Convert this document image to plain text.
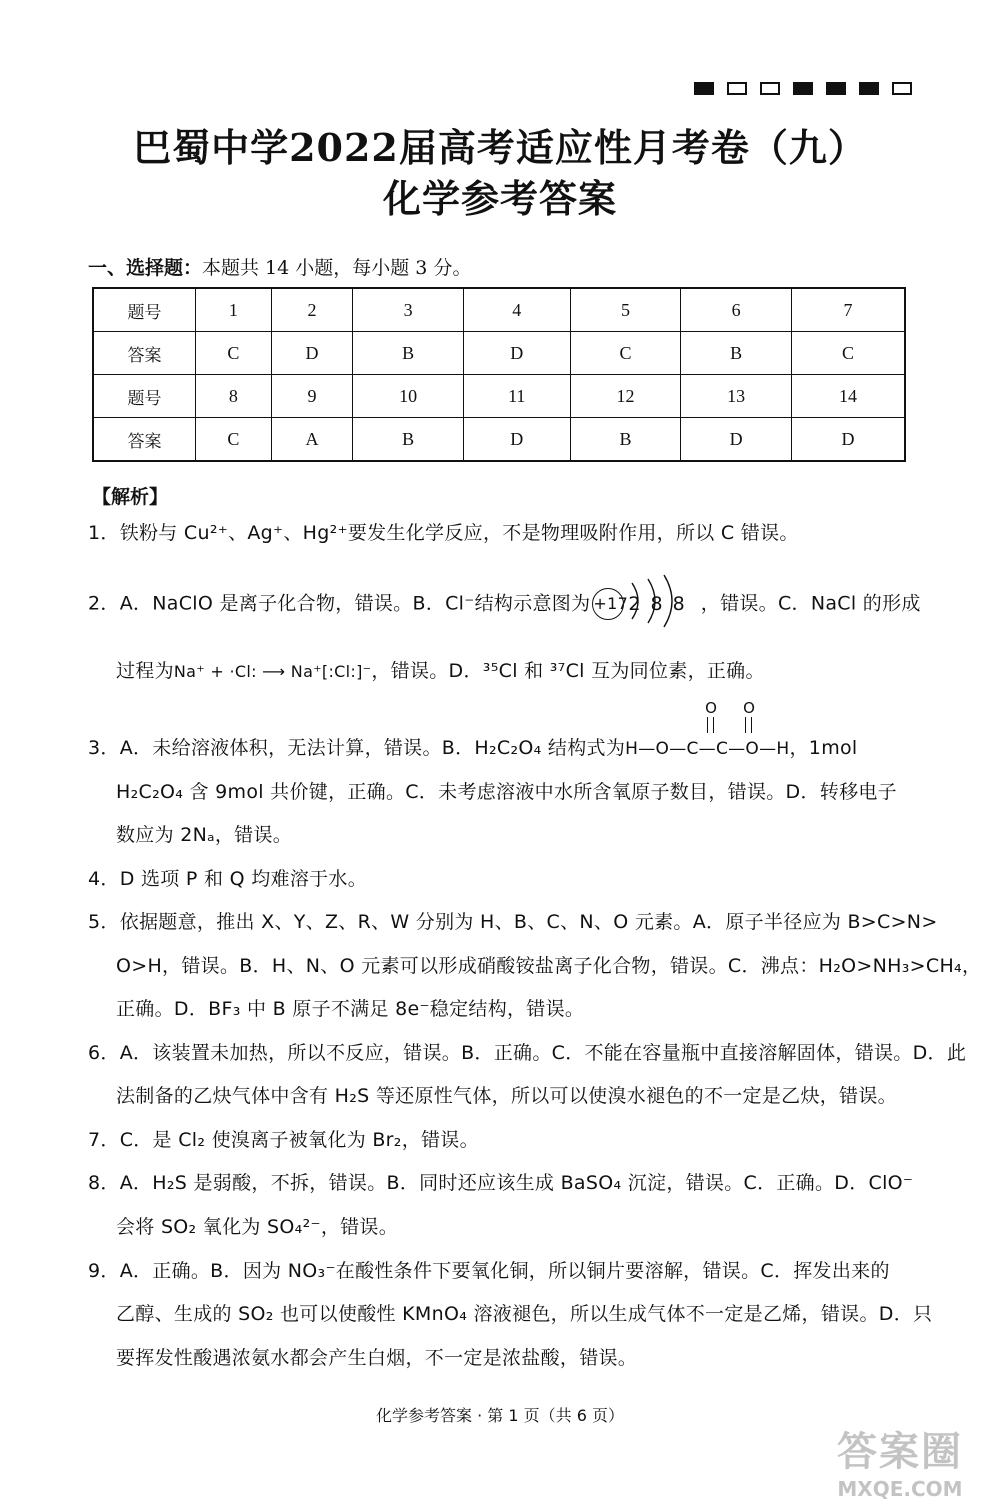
巴蜀中学2022届高考适应性月考卷（九）
化学参考答案
一、选择题：本题共 14 小题，每小题 3 分。
题号	1	2	3	4	5	6	7
答案	C	D	B	D	C	B	C
题号	8	9	10	11	12	13	14
答案	C	A	B	D	B	D	D
【解析】
1．铁粉与 Cu²⁺、Ag⁺、Hg²⁺要发生化学反应，不是物理吸附作用，所以 C 错误。
2．A．NaClO 是离子化合物，错误。B．Cl⁻结构示意图为 +17
2 8 8 ，错误。C．NaCl 的形成
过程为Na⁺ + ·Cl: ⟶ Na⁺[:Cl:]⁻，错误。D．³⁵Cl 和 ³⁷Cl 互为同位素，正确。
3．A．未给溶液体积，无法计算，错误。B．H₂C₂O₄ 结构式为
O O
H—O—C—C—O—H，1mol
H₂C₂O₄ 含 9mol 共价键，正确。C．未考虑溶液中水所含氧原子数目，错误。D．转移电子
数应为 2Nₐ，错误。
4．D 选项 P 和 Q 均难溶于水。
5．依据题意，推出 X、Y、Z、R、W 分别为 H、B、C、N、O 元素。A．原子半径应为 B>C>N>
O>H，错误。B．H、N、O 元素可以形成硝酸铵盐离子化合物，错误。C．沸点：H₂O>NH₃>CH₄，
正确。D．BF₃ 中 B 原子不满足 8e⁻稳定结构，错误。
6．A．该装置未加热，所以不反应，错误。B．正确。C．不能在容量瓶中直接溶解固体，错误。D．此
法制备的乙炔气体中含有 H₂S 等还原性气体，所以可以使溴水褪色的不一定是乙炔，错误。
7．C．是 Cl₂ 使溴离子被氧化为 Br₂，错误。
8．A．H₂S 是弱酸，不拆，错误。B．同时还应该生成 BaSO₄ 沉淀，错误。C．正确。D．ClO⁻
会将 SO₂ 氧化为 SO₄²⁻，错误。
9．A．正确。B．因为 NO₃⁻在酸性条件下要氧化铜，所以铜片要溶解，错误。C．挥发出来的
乙醇、生成的 SO₂ 也可以使酸性 KMnO₄ 溶液褪色，所以生成气体不一定是乙烯，错误。D．只
要挥发性酸遇浓氨水都会产生白烟，不一定是浓盐酸，错误。
化学参考答案 · 第 1 页（共 6 页）
答案圈
MXQE.COM
